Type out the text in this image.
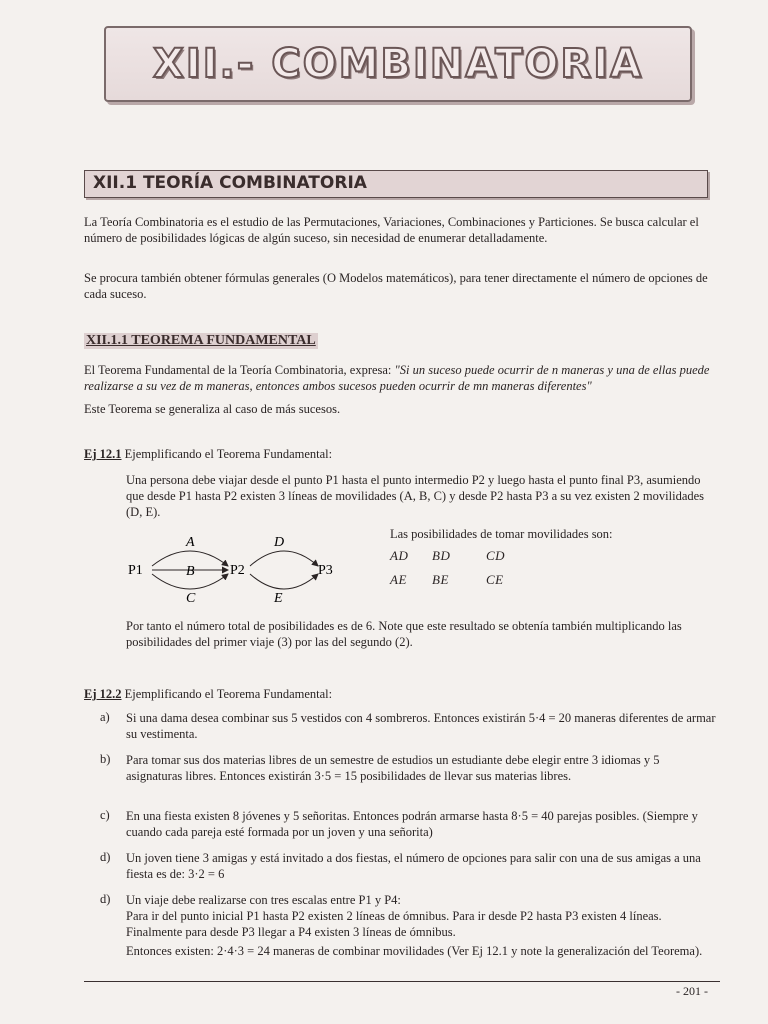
XII.- COMBINATORIA
XII.1 TEORÍA COMBINATORIA
La Teoría Combinatoria es el estudio de las Permutaciones, Variaciones, Combinaciones y Particiones. Se busca calcular el número de posibilidades lógicas de algún suceso, sin necesidad de enumerar detalladamente.
Se procura también obtener fórmulas generales (O Modelos matemáticos), para tener directamente el número de opciones de cada suceso.
XII.1.1 TEOREMA FUNDAMENTAL
El Teorema Fundamental de la Teoría Combinatoria, expresa: "Si un suceso puede ocurrir de n maneras y una de ellas puede realizarse a su vez de m maneras, entonces ambos sucesos pueden ocurrir de mn maneras diferentes"
Este Teorema se generaliza al caso de más sucesos.
Ej 12.1 Ejemplificando el Teorema Fundamental:
Una persona debe viajar desde el punto P1 hasta el punto intermedio P2 y luego hasta el punto final P3, asumiendo que desde P1 hasta P2 existen 3 líneas de movilidades (A, B, C) y desde P2 hasta P3 a su vez existen 2 movilidades (D, E).
Las posibilidades de tomar movilidades son:
AD BD	CD
AE BE	CE
P1	P2	P3
A
B
C
D
E
Por tanto el número total de posibilidades es de 6. Note que este resultado se obtenía también multiplicando las posibilidades del primer viaje (3) por las del segundo (2).
Ej 12.2 Ejemplificando el Teorema Fundamental:
a) Si una dama desea combinar sus 5 vestidos con 4 sombreros. Entonces existirán 5·4 = 20 maneras diferentes de armar su vestimenta.
b) Para tomar sus dos materias libres de un semestre de estudios un estudiante debe elegir entre 3 idiomas y 5 asignaturas libres. Entonces existirán 3·5 = 15 posibilidades de llevar sus materias libres.
c) En una fiesta existen 8 jóvenes y 5 señoritas. Entonces podrán armarse hasta 8·5 = 40 parejas posibles. (Siempre y cuando cada pareja esté formada por un joven y una señorita)
d) Un joven tiene 3 amigas y está invitado a dos fiestas, el número de opciones para salir con una de sus amigas a una fiesta es de: 3·2 = 6
d) Un viaje debe realizarse con tres escalas entre P1 y P4:
Para ir del punto inicial P1 hasta P2 existen 2 líneas de ómnibus. Para ir desde P2 hasta P3 existen 4 líneas. Finalmente para desde P3 llegar a P4 existen 3 líneas de ómnibus.
Entonces existen: 2·4·3 = 24 maneras de combinar movilidades (Ver Ej 12.1 y note la generalización del Teorema).
- 201 -
